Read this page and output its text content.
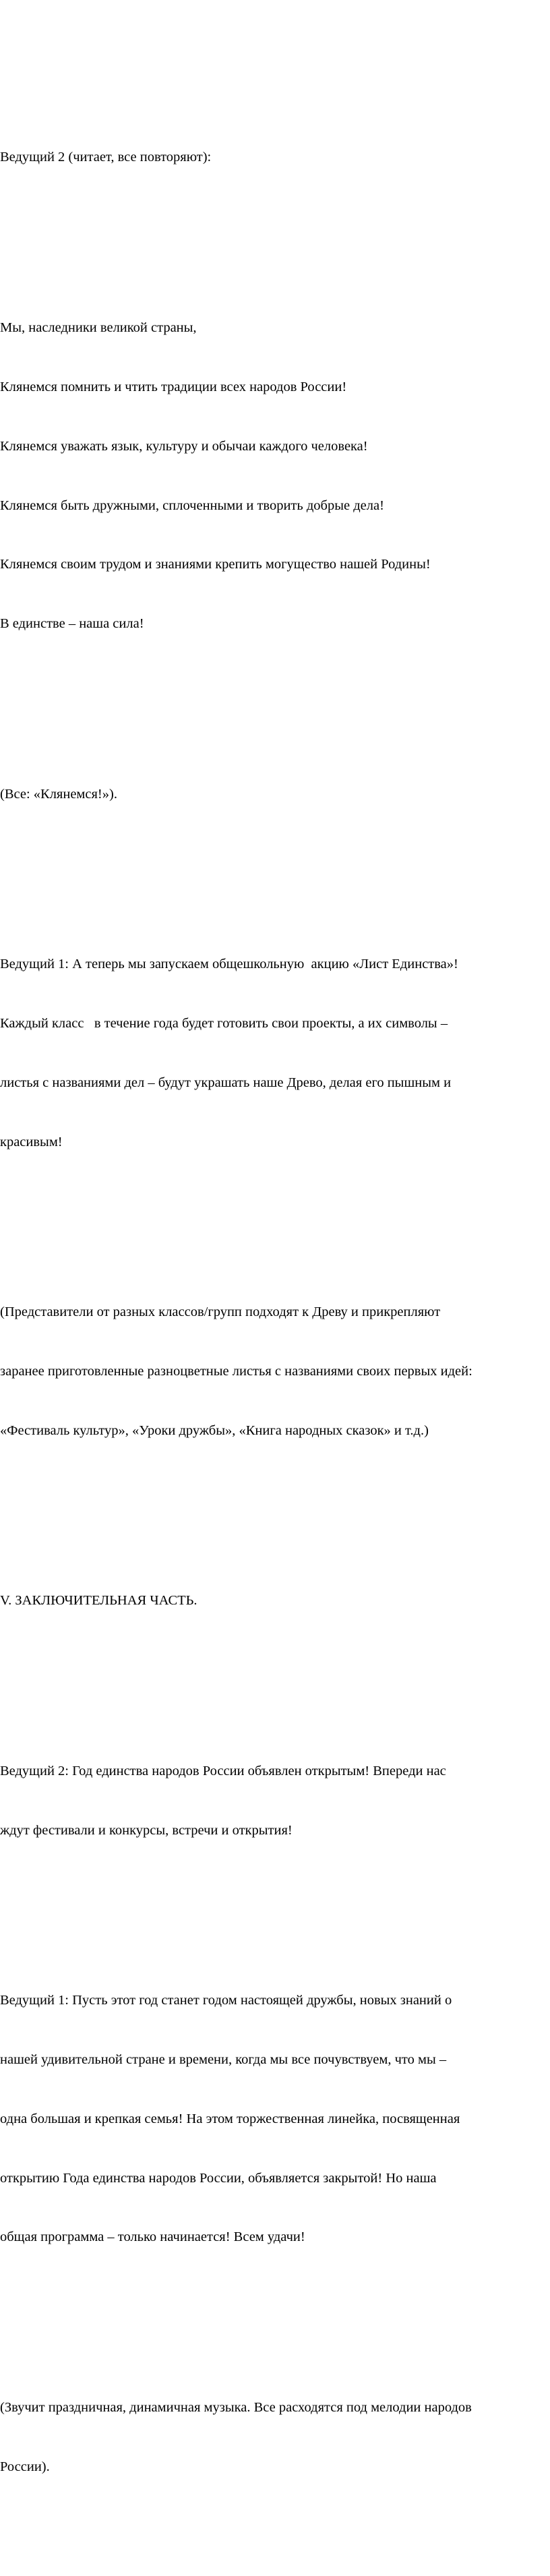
Ведущий 2 (читает, все повторяют):

Мы, наследники великой страны,

Клянемся помнить и чтить традиции всех народов России!

Клянемся уважать язык, культуру и обычаи каждого человека!

Клянемся быть дружными, сплоченными и творить добрые дела!

Клянемся своим трудом и знаниями крепить могущество нашей Родины!

В единстве – наша сила!

(Все: «Клянемся!»).

Ведущий 1: А теперь мы запускаем общешкольную  акцию «Лист Единства»!

Каждый класс   в течение года будет готовить свои проекты, а их символы –

листья с названиями дел – будут украшать наше Древо, делая его пышным и

красивым!

(Представители от разных классов/групп подходят к Древу и прикрепляют

заранее приготовленные разноцветные листья с названиями своих первых идей:

«Фестиваль культур», «Уроки дружбы», «Книга народных сказок» и т.д.)

V. ЗАКЛЮЧИТЕЛЬНАЯ ЧАСТЬ.

Ведущий 2: Год единства народов России объявлен открытым! Впереди нас

ждут фестивали и конкурсы, встречи и открытия!

Ведущий 1: Пусть этот год станет годом настоящей дружбы, новых знаний о

нашей удивительной стране и времени, когда мы все почувствуем, что мы –

одна большая и крепкая семья! На этом торжественная линейка, посвященная

открытию Года единства народов России, объявляется закрытой! Но наша

общая программа – только начинается! Всем удачи!

(Звучит праздничная, динамичная музыка. Все расходятся под мелодии народов

России).
